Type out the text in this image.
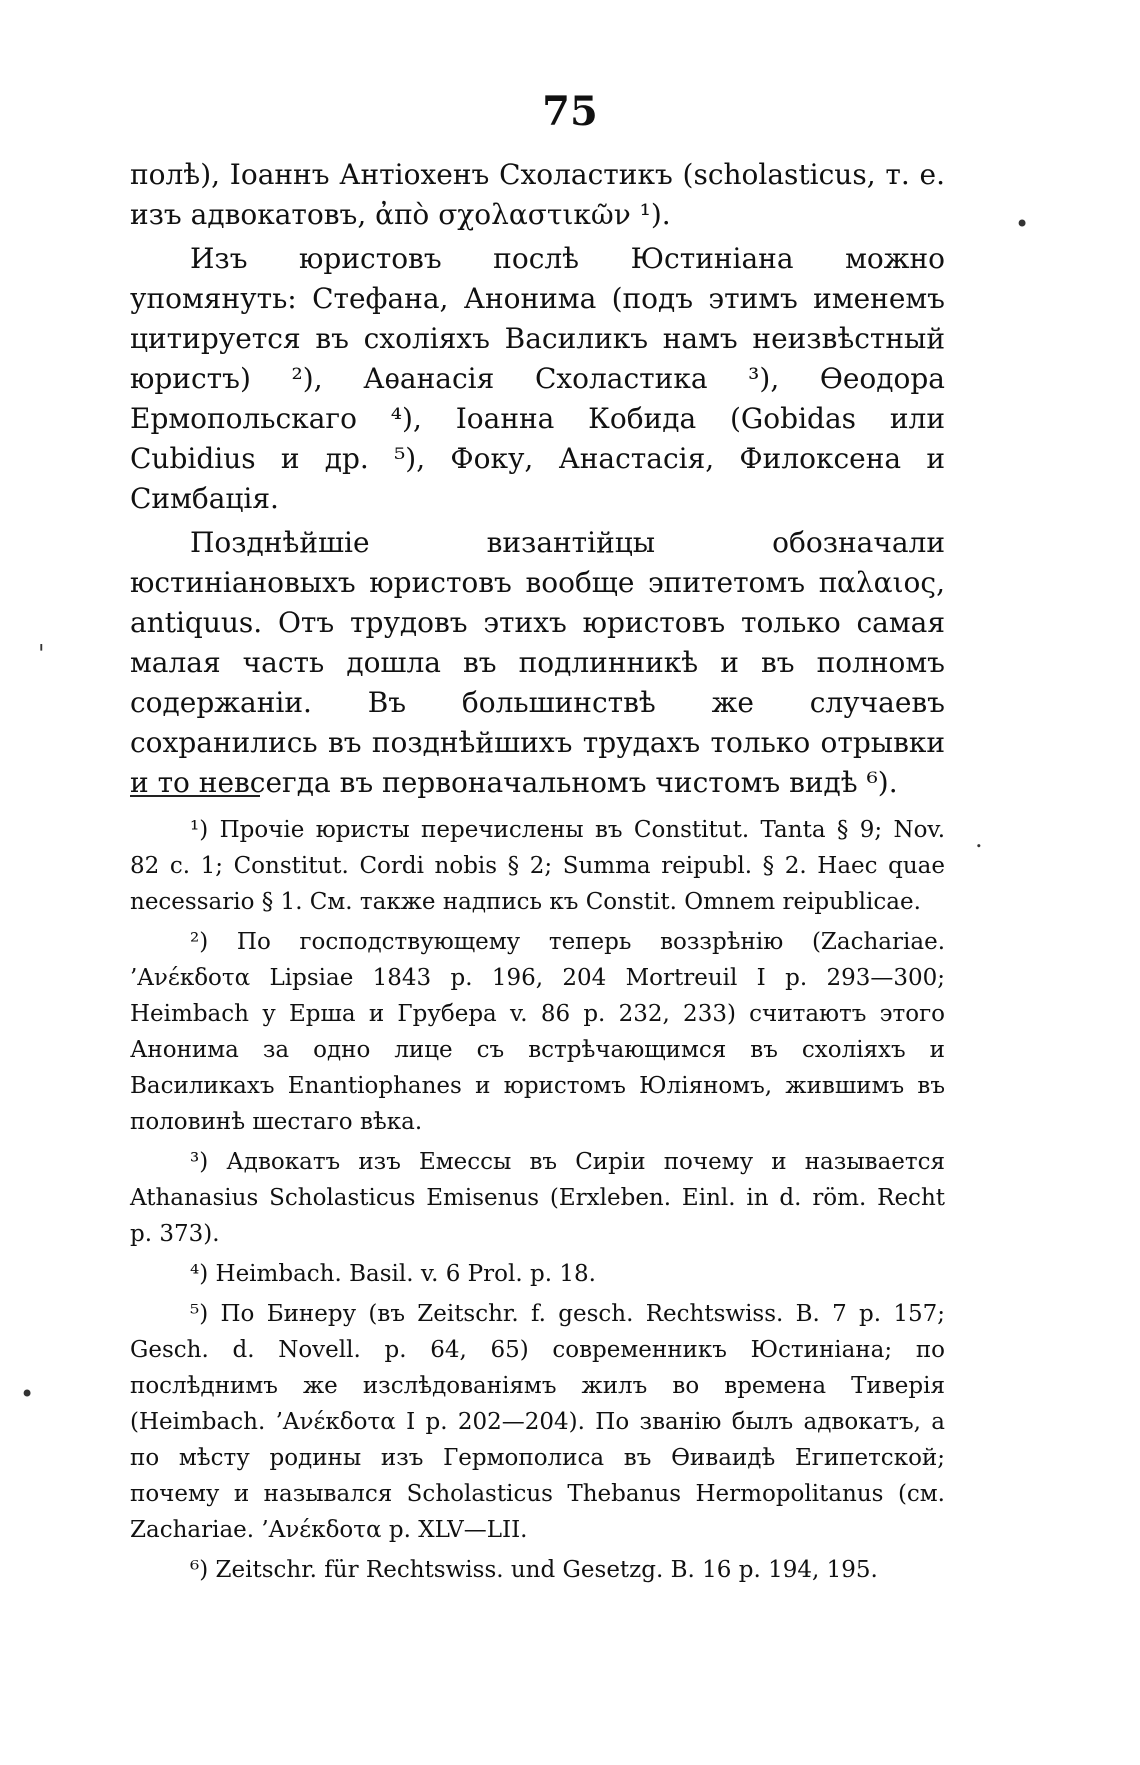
75

полѣ), Іоаннъ Антіохенъ Схоластикъ (scholasticus, т. е. изъ адвокатовъ, ἀπὸ σχολαστικῶν ¹).

Изъ юристовъ послѣ Юстиніана можно упомянуть: Стефана, Анонима (подъ этимъ именемъ цитируется въ схоліяхъ Василикъ намъ неизвѣстный юристъ) ²), Аѳанасія Схоластика ³), Ѳеодора Ермопольскаго ⁴), Іоанна Кобида (Gobidas или Cubidius и др. ⁵), Фоку, Анастасія, Филоксена и Симбація.

Позднѣйшіе византійцы обозначали юстиніановыхъ юристовъ вообще эпитетомъ παλαιος, antiquus. Отъ трудовъ этихъ юристовъ только самая малая часть дошла въ подлинникѣ и въ полномъ содержаніи. Въ большинствѣ же случаевъ сохранились въ позднѣйшихъ трудахъ только отрывки и то невсегда въ первоначальномъ чистомъ видѣ ⁶).

¹) Прочіе юристы перечислены въ Constitut. Tanta § 9; Nov. 82 c. 1; Constitut. Cordi nobis § 2; Summa reipubl. § 2. Haec quae necessario § 1. См. также надпись къ Constit. Omnem reipublicae.

²) По господствующему теперь воззрѣнію (Zachariae. ’Ανέκδοτα Lipsiae 1843 p. 196, 204 Mortreuil I p. 293—300; Heimbach у Ерша и Грубера v. 86 p. 232, 233) считаютъ этого Анонима за одно лице съ встрѣчающимся въ схоліяхъ и Василикахъ Enantiophanes и юристомъ Юліяномъ, жившимъ въ половинѣ шестаго вѣка.

³) Адвокатъ изъ Емессы въ Сиріи почему и называется Athanasius Scholasticus Emisenus (Erxleben. Einl. in d. röm. Recht p. 373).

⁴) Heimbach. Basil. v. 6 Prol. p. 18.

⁵) По Бинеру (въ Zeitschr. f. gesch. Rechtswiss. B. 7 p. 157; Gesch. d. Novell. p. 64, 65) современникъ Юстиніана; по послѣднимъ же изслѣдованіямъ жилъ во времена Тиверія (Heimbach. ’Ανέκδοτα I p. 202—204). По званію былъ адвокатъ, а по мѣсту родины изъ Гермополиса въ Ѳиваидѣ Египетской; почему и назывался Scholasticus Thebanus Hermopolitanus (см. Zachariae. ’Ανέκδοτα p. XLV—LII.

⁶) Zeitschr. für Rechtswiss. und Gesetzg. B. 16 p. 194, 195.

•
'
.
•
